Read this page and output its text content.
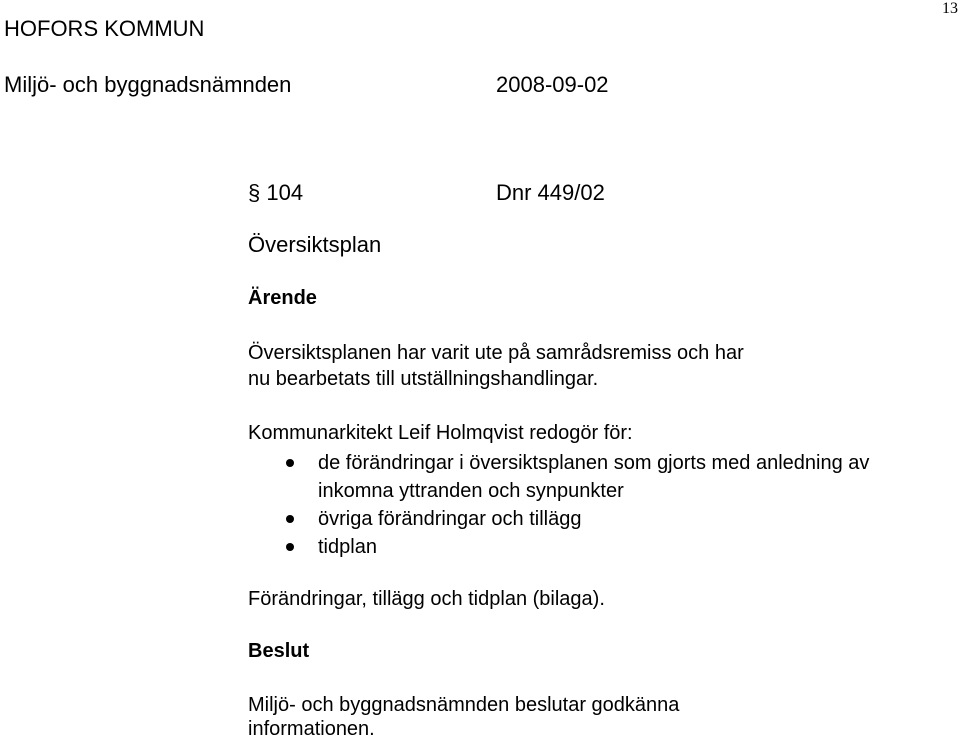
HOFORS KOMMUN
13
Miljö- och byggnadsnämnden	2008-09-02
§ 104	Dnr 449/02
Översiktsplan
Ärende
Översiktsplanen har varit ute på samrådsremiss och har
nu bearbetats till utställningshandlingar.
Kommunarkitekt Leif Holmqvist redogör för:
de förändringar i översiktsplanen som gjorts med anledning av inkomna yttranden och synpunkter
övriga förändringar och tillägg
tidplan
Förändringar, tillägg och tidplan (bilaga).
Beslut
Miljö- och byggnadsnämnden beslutar godkänna
informationen.
